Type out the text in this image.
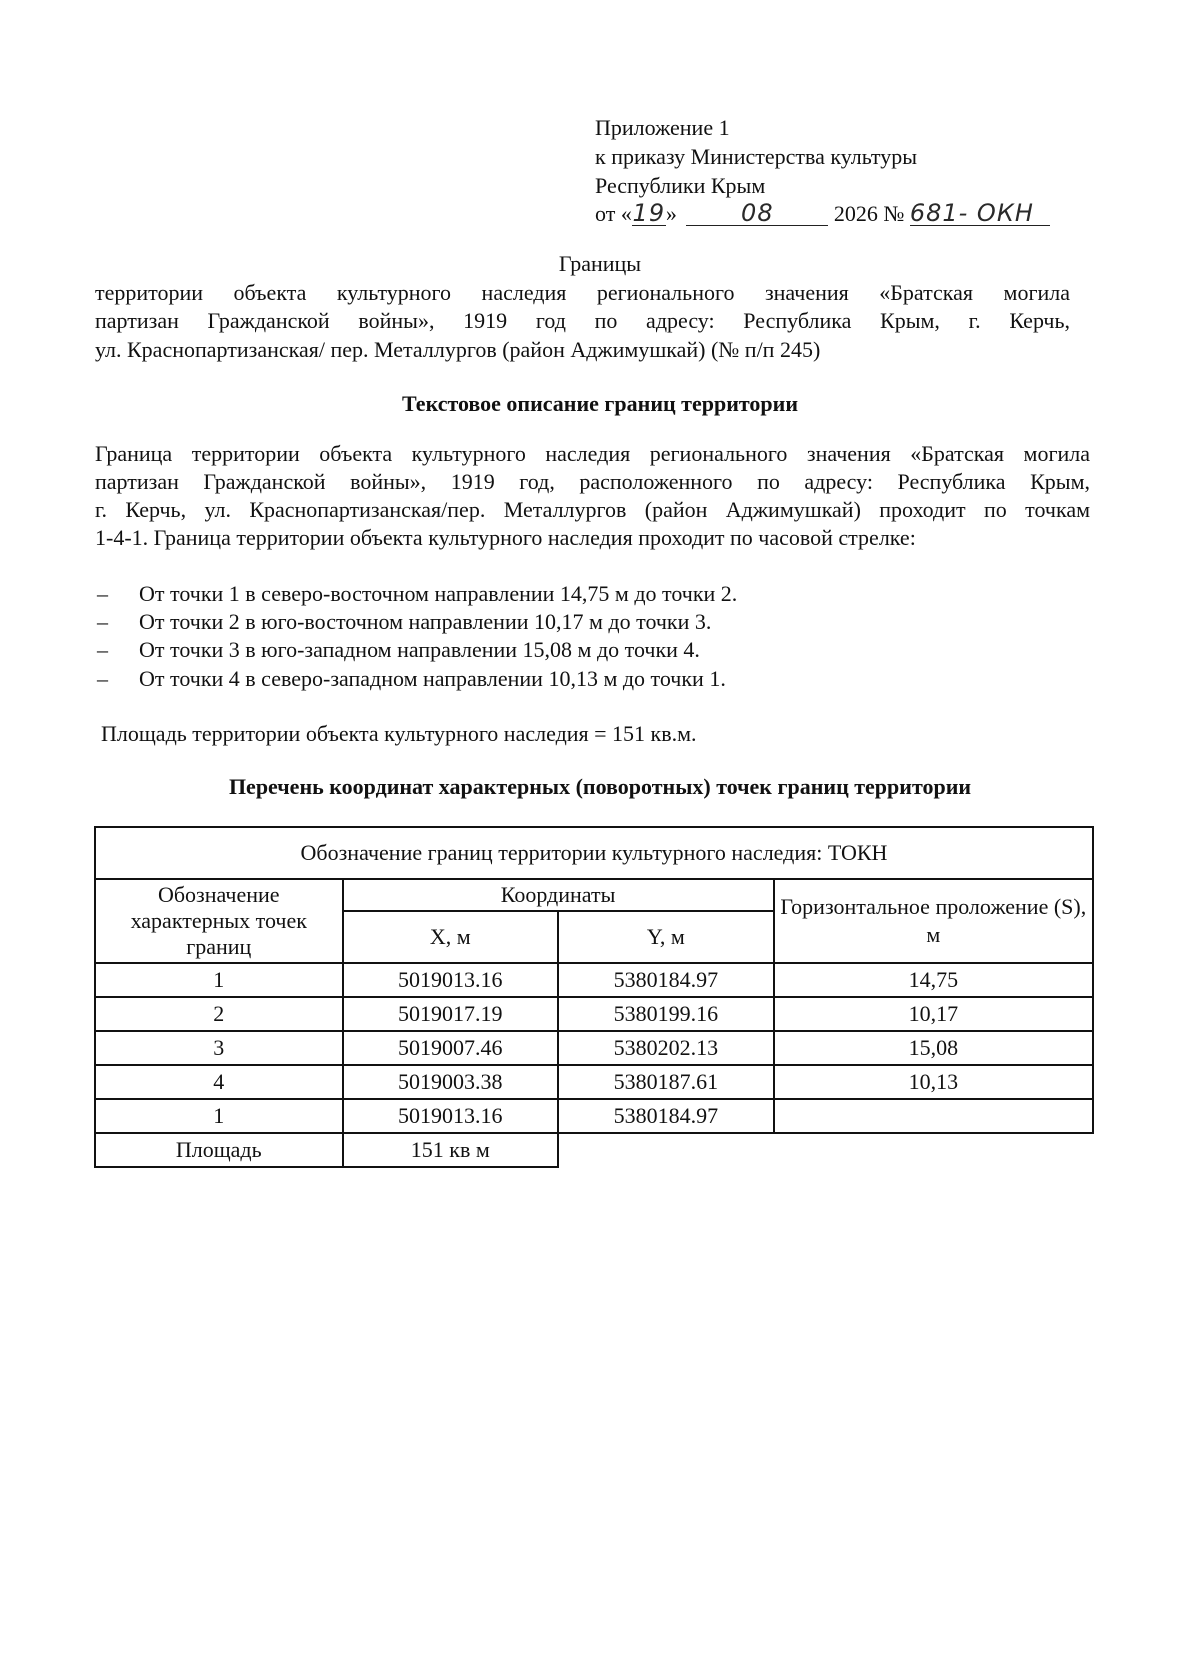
Приложение 1
к приказу Министерства культуры
Республики Крым
от «19»	08	2026 № 681- ОКН
Границы
территории объекта культурного наследия регионального значения «Братская могила
партизан Гражданской войны», 1919 год по адресу: Республика Крым, г. Керчь,
ул. Краснопартизанская/ пер. Металлургов (район Аджимушкай) (№ п/п 245)
Текстовое описание границ территории
Граница территории объекта культурного наследия регионального значения «Братская могила
партизан Гражданской войны», 1919 год, расположенного по адресу: Республика Крым,
г. Керчь, ул. Краснопартизанская/пер. Металлургов (район Аджимушкай) проходит по точкам
1-4-1. Граница территории объекта культурного наследия проходит по часовой стрелке:
–	От точки 1 в северо-восточном направлении 14,75 м до точки 2.
–	От точки 2 в юго-восточном направлении 10,17 м до точки 3.
–	От точки 3 в юго-западном направлении 15,08 м до точки 4.
–	От точки 4 в северо-западном направлении 10,13 м до точки 1.
Площадь территории объекта культурного наследия = 151 кв.м.
Перечень координат характерных (поворотных) точек границ территории
Обозначение границ территории культурного наследия: ТОКН			
Обозначение характерных точек границ	Координаты		Горизонтальное проложение (S), м
	X, м	Y, м	
1	5019013.16	5380184.97	14,75
2	5019017.19	5380199.16	10,17
3	5019007.46	5380202.13	15,08
4	5019003.38	5380187.61	10,13
1	5019013.16	5380184.97	
Площадь	151 кв м		
